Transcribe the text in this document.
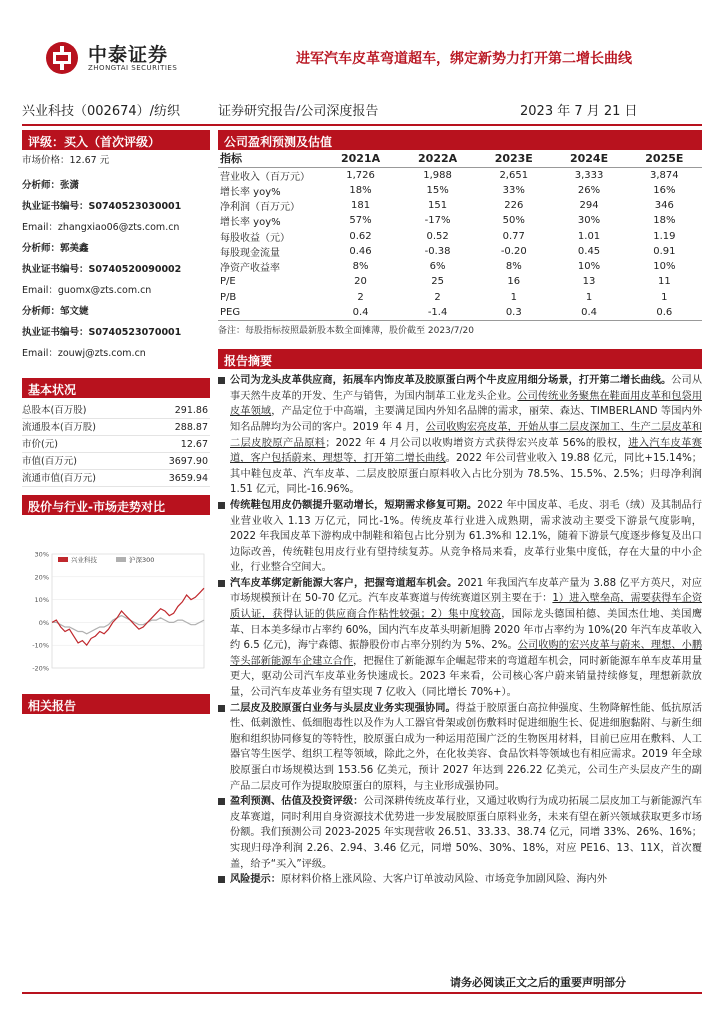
中泰证券
ZHONGTAI SECURITIES
进军汽车皮革弯道超车，绑定新势力打开第二增长曲线
兴业科技（002674）/纺织	证券研究报告/公司深度报告	2023 年 7 月 21 日
评级：买入（首次评级）
市场价格：12.67 元
分析师：张潇
执业证书编号：S0740523030001
Email：zhangxiao06@zts.com.cn
分析师：郭美鑫
执业证书编号：S0740520090002
Email：guomx@zts.com.cn
分析师：邹文婕
执业证书编号：S0740523070001
Email：zouwj@zts.com.cn
基本状况
总股本(百万股)	291.86
流通股本(百万股)	288.87
市价(元)	12.67
市值(百万元)	3697.90
流通市值(百万元)	3659.94
股价与行业-市场走势对比
30%
20%
10%
0%
-10%
-20%
兴业科技	沪深300
相关报告
公司盈利预测及估值
指标	2021A	2022A	2023E	2024E	2025E
营业收入（百万元）	1,726	1,988	2,651	3,333	3,874
增长率 yoy%	18%	15%	33%	26%	16%
净利润（百万元）	181	151	226	294	346
增长率 yoy%	57%	-17%	50%	30%	18%
每股收益（元）	0.62	0.52	0.77	1.01	1.19
每股现金流量	0.46	-0.38	-0.20	0.45	0.91
净资产收益率	8%	6%	8%	10%	10%
P/E	20	25	16	13	11
P/B	2	2	1	1	1
PEG	0.4	-1.4	0.3	0.4	0.6
备注：每股指标按照最新股本数全面摊薄，股价截至 2023/7/20
报告摘要
公司为龙头皮革供应商，拓展车内饰皮革及胶原蛋白两个牛皮应用细分场景，打开第二增长曲线。公司从事天然牛皮革的开发、生产与销售，为国内制革工业龙头企业。公司传统业务聚焦在鞋面用皮革和包袋用皮革领域，产品定位于中高端，主要满足国内外知名品牌的需求，丽荣、森达、TIMBERLAND 等国内外知名品牌均为公司的客户。2019 年 4 月，公司收购宏亮皮革，开始从事二层皮深加工、生产二层皮革和二层皮胶原产品原料；2022 年 4 月公司以收购增资方式获得宏兴皮革 56%的股权，进入汽车皮革赛道，客户包括蔚来、理想等，打开第二增长曲线。2022 年公司营业收入 19.88 亿元，同比+15.14%；其中鞋包皮革、汽车皮革、二层皮胶原蛋白原料收入占比分别为 78.5%、15.5%、2.5%；归母净利润 1.51 亿元，同比-16.96%。
传统鞋包用皮仍额提升驱动增长，短期需求修复可期。2022 年中国皮革、毛皮、羽毛（绒）及其制品行业营业收入 1.13 万亿元，同比-1%。传统皮革行业进入成熟期，需求波动主要受下游景气度影响，2022 年我国皮革下游构成中制鞋和箱包占比分别为 61.3%和 12.1%，随着下游景气度逐步修复及出口边际改善，传统鞋包用皮行业有望持续复苏。从竞争格局来看，皮革行业集中度低，存在大量的中小企业，行业整合空间大。
汽车皮革绑定新能源大客户，把握弯道超车机会。2021 年我国汽车皮革产量为 3.88 亿平方英尺，对应市场规模预计在 50-70 亿元。汽车皮革赛道与传统赛道区别主要在于：1）进入壁垒高，需要获得车企资质认证，获得认证的供应商合作粘性较强；2）集中度较高，国际龙头德国柏德、美国杰仕地、美国鹰革、日本美多绿市占率约 60%，国内汽车皮革头明新旭腾 2020 年市占率约为 10%(20 年汽车皮革收入约 6.5 亿元)，海宁森德、振静股份市占率分别约为 5%、2%。公司收购的宏兴皮革与蔚来、理想、小鹏等头部新能源车企建立合作，把握住了新能源车企崛起带来的弯道超车机会，同时新能源车单车皮革用量更大，驱动公司汽车皮革业务快速成长。2023 年来看，公司核心客户蔚来销量持续修复，理想新款放量，公司汽车皮革业务有望实现 7 亿收入（同比增长 70%+）。
二层皮及胶原蛋白业务与头层皮业务实现强协同。得益于胶原蛋白高拉伸强度、生物降解性能、低抗原活性、低刺激性、低细胞毒性以及作为人工器官骨架或创伤敷料时促进细胞生长、促进细胞黏附、与新生细胞和组织协同修复的等特性，胶原蛋白成为一种运用范围广泛的生物医用材料，目前已应用在敷料、人工器官等生医学、组织工程等领域，除此之外，在化妆美容、食品饮料等领域也有相应需求。2019 年全球胶原蛋白市场规模达到 153.56 亿美元，预计 2027 年达到 226.22 亿美元，公司生产头层皮产生的副产品二层皮可作为提取胶原蛋白的原料，与主业形成强协同。
盈利预测、估值及投资评级：公司深耕传统皮革行业，又通过收购行为成功拓展二层皮加工与新能源汽车皮革赛道，同时利用自身资源技术优势进一步发展胶原蛋白原料业务，未来有望在新兴领域获取更多市场份额。我们预测公司 2023-2025 年实现营收 26.51、33.33、38.74 亿元，同增 33%、26%、16%；实现归母净利润 2.26、2.94、3.46 亿元，同增 50%、30%、18%，对应 PE16、13、11X，首次覆盖，给予“买入”评级。
风险提示：原材料价格上涨风险、大客户订单波动风险、市场竞争加剧风险、海内外
请务必阅读正文之后的重要声明部分
